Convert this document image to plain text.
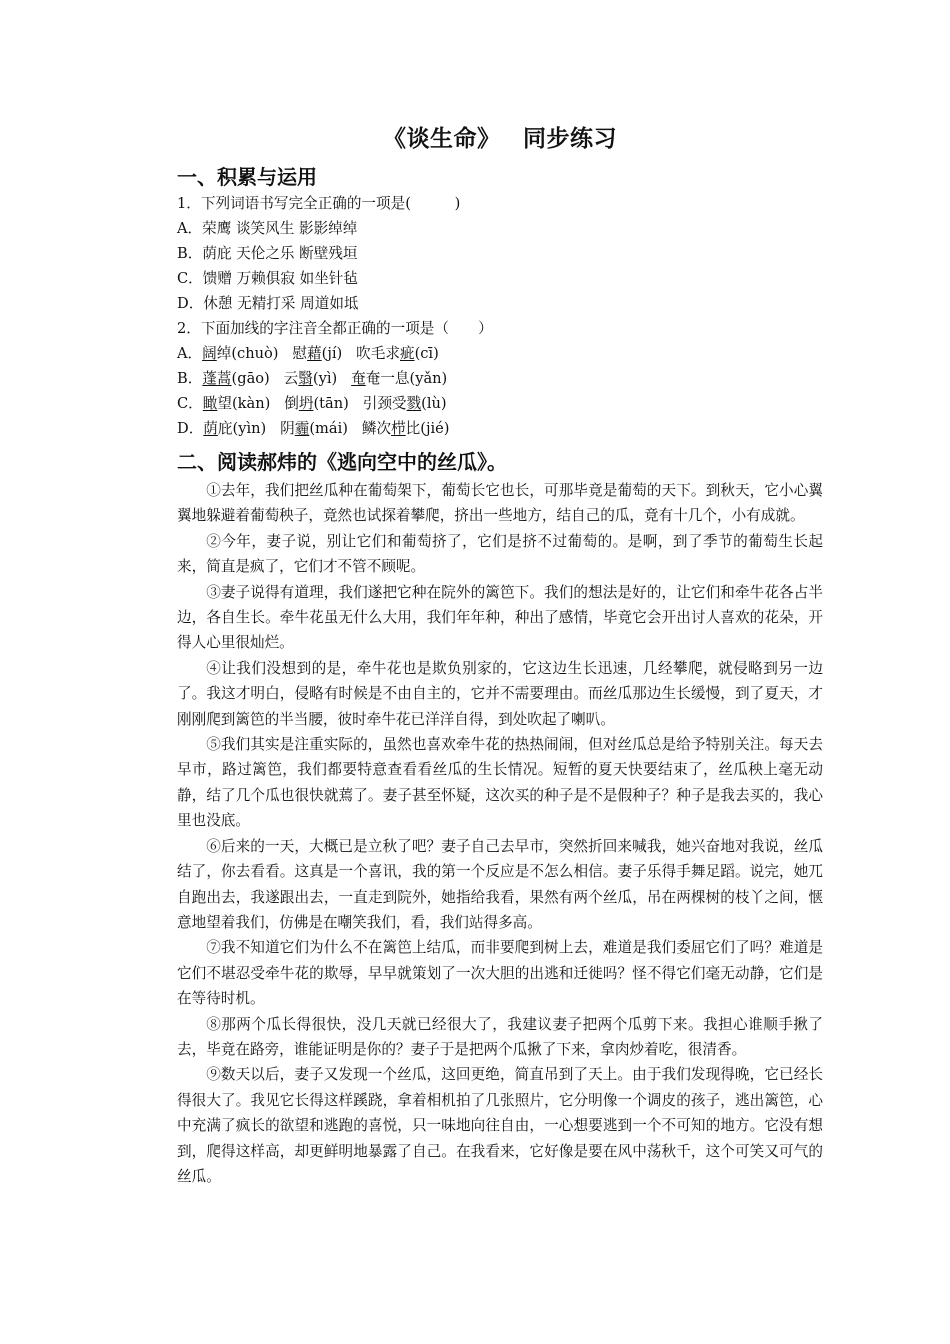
《谈生命》 同步练习
一、积累与运用
1．下列词语书写完全正确的一项是(　　　)
A．荣鹰 谈笑风生 影影绰绰
B．荫庇 天伦之乐 断壁残垣
C．馈赠 万赖俱寂 如坐针毡
D．休憩 无精打采 周道如坻
2．下面加线的字注音全都正确的一项是（　　）
A．阔绰(chuò) 慰藉(jí) 吹毛求疵(cī)
B．蓬蒿(gāo) 云翳(yì) 奄奄一息(yǎn)
C．瞰望(kàn) 倒坍(tān) 引颈受戮(lù)
D．荫庇(yìn) 阴霾(mái) 鳞次栉比(jié)
二、阅读郝炜的《逃向空中的丝瓜》。

①去年，我们把丝瓜种在葡萄架下，葡萄长它也长，可那毕竟是葡萄的天下。到秋天，它小心翼翼地躲避着葡萄秧子，竟然也试探着攀爬，挤出一些地方，结自己的瓜，竟有十几个，小有成就。

②今年，妻子说，别让它们和葡萄挤了，它们是挤不过葡萄的。是啊，到了季节的葡萄生长起来，简直是疯了，它们才不管不顾呢。

③妻子说得有道理，我们遂把它种在院外的篱笆下。我们的想法是好的，让它们和牵牛花各占半边，各自生长。牵牛花虽无什么大用，我们年年种，种出了感情，毕竟它会开出讨人喜欢的花朵，开得人心里很灿烂。

④让我们没想到的是，牵牛花也是欺负别家的，它这边生长迅速，几经攀爬，就侵略到另一边了。我这才明白，侵略有时候是不由自主的，它并不需要理由。而丝瓜那边生长缓慢，到了夏天，才刚刚爬到篱笆的半当腰，彼时牵牛花已洋洋自得，到处吹起了喇叭。

⑤我们其实是注重实际的，虽然也喜欢牵牛花的热热闹闹，但对丝瓜总是给予特别关注。每天去早市，路过篱笆，我们都要特意查看看丝瓜的生长情况。短暂的夏天快要结束了，丝瓜秧上毫无动静，结了几个瓜也很快就蔫了。妻子甚至怀疑，这次买的种子是不是假种子？种子是我去买的，我心里也没底。

⑥后来的一天，大概已是立秋了吧？妻子自己去早市，突然折回来喊我，她兴奋地对我说，丝瓜结了，你去看看。这真是一个喜讯，我的第一个反应是不怎么相信。妻子乐得手舞足蹈。说完，她兀自跑出去，我遂跟出去，一直走到院外，她指给我看，果然有两个丝瓜，吊在两棵树的枝丫之间，惬意地望着我们，仿佛是在嘲笑我们，看，我们站得多高。

⑦我不知道它们为什么不在篱笆上结瓜，而非要爬到树上去，难道是我们委屈它们了吗？难道是它们不堪忍受牵牛花的欺辱，早早就策划了一次大胆的出逃和迁徙吗？怪不得它们毫无动静，它们是在等待时机。

⑧那两个瓜长得很快，没几天就已经很大了，我建议妻子把两个瓜剪下来。我担心谁顺手揪了去，毕竟在路旁，谁能证明是你的？妻子于是把两个瓜揪了下来，拿肉炒着吃，很清香。

⑨数天以后，妻子又发现一个丝瓜，这回更绝，简直吊到了天上。由于我们发现得晚，它已经长得很大了。我见它长得这样蹊跷，拿着相机拍了几张照片，它分明像一个调皮的孩子，逃出篱笆，心中充满了疯长的欲望和逃跑的喜悦，只一味地向往自由，一心想要逃到一个不可知的地方。它没有想到，爬得这样高，却更鲜明地暴露了自己。在我看来，它好像是要在风中荡秋千，这个可笑又可气的丝瓜。
